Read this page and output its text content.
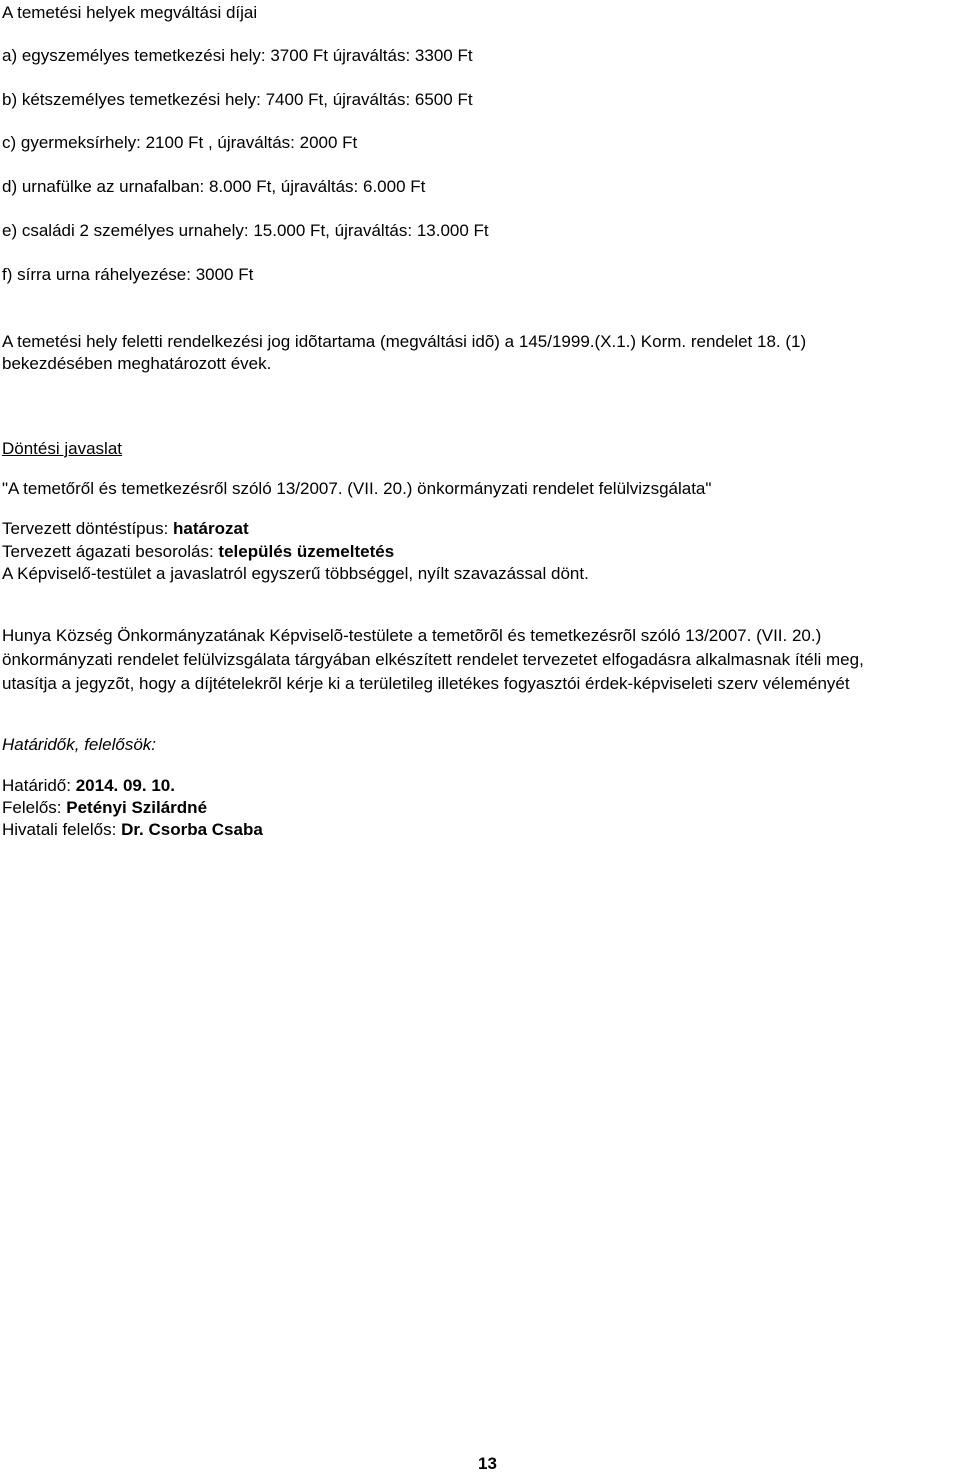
A temetési helyek megváltási díjai
a) egyszemélyes temetkezési hely: 3700 Ft újraváltás: 3300 Ft
b) kétszemélyes temetkezési hely: 7400 Ft, újraváltás: 6500 Ft
c) gyermeksírhely: 2100 Ft , újraváltás: 2000 Ft
d) urnafülke az urnafalban: 8.000 Ft, újraváltás: 6.000 Ft
e) családi 2 személyes urnahely: 15.000 Ft, újraváltás: 13.000 Ft
f) sírra urna ráhelyezése: 3000 Ft
A temetési hely feletti rendelkezési jog idõtartama (megváltási idõ) a 145/1999.(X.1.) Korm. rendelet 18. (1)
bekezdésében meghatározott évek.
Döntési javaslat
"A temetőről és temetkezésről szóló 13/2007. (VII. 20.) önkormányzati rendelet felülvizsgálata"
Tervezett döntéstípus: határozat
Tervezett ágazati besorolás: település üzemeltetés
A Képviselő-testület a javaslatról egyszerű többséggel, nyílt szavazással dönt.
Hunya Község Önkormányzatának Képviselõ-testülete a temetõrõl és temetkezésrõl szóló 13/2007. (VII. 20.)
önkormányzati rendelet felülvizsgálata tárgyában elkészített rendelet tervezetet elfogadásra alkalmasnak ítéli meg,
utasítja a jegyzõt, hogy a díjtételekrõl kérje ki a területileg illetékes fogyasztói érdek-képviseleti szerv véleményét
Határidők, felelősök:
Határidő: 2014. 09. 10.
Felelős: Petényi Szilárdné
Hivatali felelős: Dr. Csorba Csaba
13
